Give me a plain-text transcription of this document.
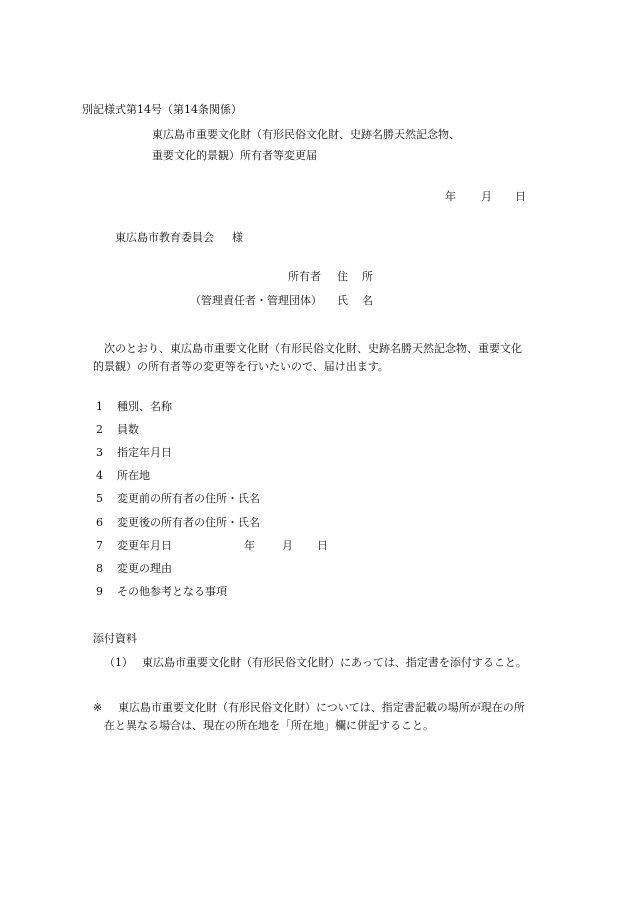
別記様式第14号（第14条関係）
東広島市重要文化財（有形民俗文化財、史跡名勝天然記念物、
重要文化的景観）所有者等変更届
年 月 日
東広島市教育委員会 様
所有者 住 所
（管理責任者・管理団体） 氏 名
次のとおり、東広島市重要文化財（有形民俗文化財、史跡名勝天然記念物、重要文化
的景観）の所有者等の変更等を行いたいので、届け出ます。
1 種別、名称
2 員数
3 指定年月日
4 所在地
5 変更前の所有者の住所・氏名
6 変更後の所有者の住所・氏名
7 変更年月日	年 月 日
8 変更の理由
9 その他参考となる事項
添付資料
（1） 東広島市重要文化財（有形民俗文化財）にあっては、指定書を添付すること。
※ 東広島市重要文化財（有形民俗文化財）については、指定書記載の場所が現在の所
在と異なる場合は、現在の所在地を「所在地」欄に併記すること。
